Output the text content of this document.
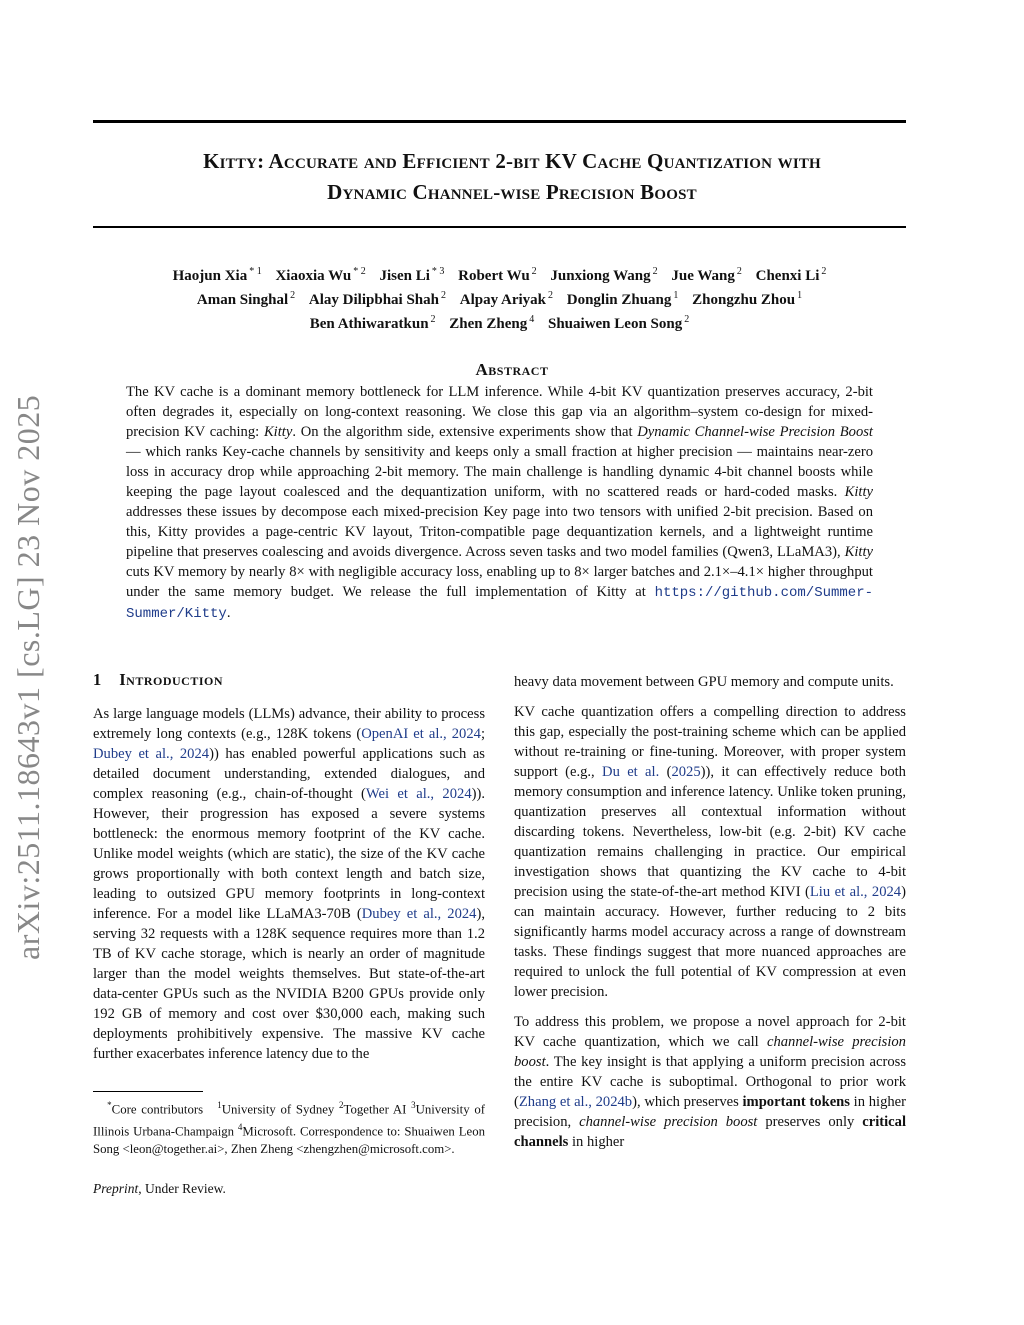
arXiv:2511.18643v1 [cs.LG] 23 Nov 2025
Kitty: Accurate and Efficient 2-bit KV Cache Quantization with
Dynamic Channel-wise Precision Boost
Haojun Xia $^{* 1}$ Xiaoxia Wu $^{* 2}$ Jisen Li $^{* 3}$ Robert Wu $^2$ Junxiong Wang $^2$ Jue Wang $^2$ Chenxi Li $^2$
Aman Singhal $^2$ Alay Dilipbhai Shah $^2$ Alpay Ariyak $^2$ Donglin Zhuang $^1$ Zhongzhu Zhou $^1$
Ben Athiwaratkun $^2$ Zhen Zheng $^4$ Shuaiwen Leon Song $^2$
Abstract

The KV cache is a dominant memory bottleneck for LLM inference. While 4-bit KV quantization preserves accuracy, 2-bit often degrades it, especially on long-context reasoning. We close this gap via an algorithm–system co-design for mixed-precision KV caching: Kitty. On the algorithm side, extensive experiments show that Dynamic Channel-wise Precision Boost — which ranks Key-cache channels by sensitivity and keeps only a small fraction at higher precision — maintains near-zero loss in accuracy drop while approaching 2-bit memory. The main challenge is handling dynamic 4-bit channel boosts while keeping the page layout coalesced and the dequantization uniform, with no scattered reads or hard-coded masks. Kitty addresses these issues by decompose each mixed-precision Key page into two tensors with unified 2-bit precision. Based on this, Kitty provides a page-centric KV layout, Triton-compatible page dequantization kernels, and a lightweight runtime pipeline that preserves coalescing and avoids divergence. Across seven tasks and two model families (Qwen3, LLaMA3), Kitty cuts KV memory by nearly 8× with negligible accuracy loss, enabling up to 8× larger batches and 2.1×–4.1× higher throughput under the same memory budget. We release the full implementation of Kitty at https://github.com/Summer-Summer/Kitty.

1 Introduction

As large language models (LLMs) advance, their ability to process extremely long contexts (e.g., 128K tokens (OpenAI et al., 2024; Dubey et al., 2024)) has enabled powerful applications such as detailed document understanding, extended dialogues, and complex reasoning (e.g., chain-of-thought (Wei et al., 2024)). However, their progression has exposed a severe systems bottleneck: the enormous memory footprint of the KV cache. Unlike model weights (which are static), the size of the KV cache grows proportionally with both context length and batch size, leading to outsized GPU memory footprints in long-context inference. For a model like LLaMA3-70B (Dubey et al., 2024), serving 32 requests with a 128K sequence requires more than 1.2 TB of KV cache storage, which is nearly an order of magnitude larger than the model weights themselves. But state-of-the-art data-center GPUs such as the NVIDIA B200 GPUs provide only 192 GB of memory and cost over $30,000 each, making such deployments prohibitively expensive. The massive KV cache further exacerbates inference latency due to the

heavy data movement between GPU memory and compute units.

KV cache quantization offers a compelling direction to address this gap, especially the post-training scheme which can be applied without re-training or fine-tuning. Moreover, with proper system support (e.g., Du et al. (2025)), it can effectively reduce both memory consumption and inference latency. Unlike token pruning, quantization preserves all contextual information without discarding tokens. Nevertheless, low-bit (e.g. 2-bit) KV cache quantization remains challenging in practice. Our empirical investigation shows that quantizing the KV cache to 4-bit precision using the state-of-the-art method KIVI (Liu et al., 2024) can maintain accuracy. However, further reducing to 2 bits significantly harms model accuracy across a range of downstream tasks. These findings suggest that more nuanced approaches are required to unlock the full potential of KV compression at even lower precision.

To address this problem, we propose a novel approach for 2-bit KV cache quantization, which we call channel-wise precision boost. The key insight is that applying a uniform precision across the entire KV cache is suboptimal. Orthogonal to prior work (Zhang et al., 2024b), which preserves important tokens in higher precision, channel-wise precision boost preserves only critical channels in higher

*Core contributors $^1$University of Sydney $^2$Together AI $^3$University of Illinois Urbana-Champaign $^4$Microsoft. Correspondence to: Shuaiwen Leon Song <leon@together.ai>, Zhen Zheng <zhengzhen@microsoft.com>.
Preprint, Under Review.
